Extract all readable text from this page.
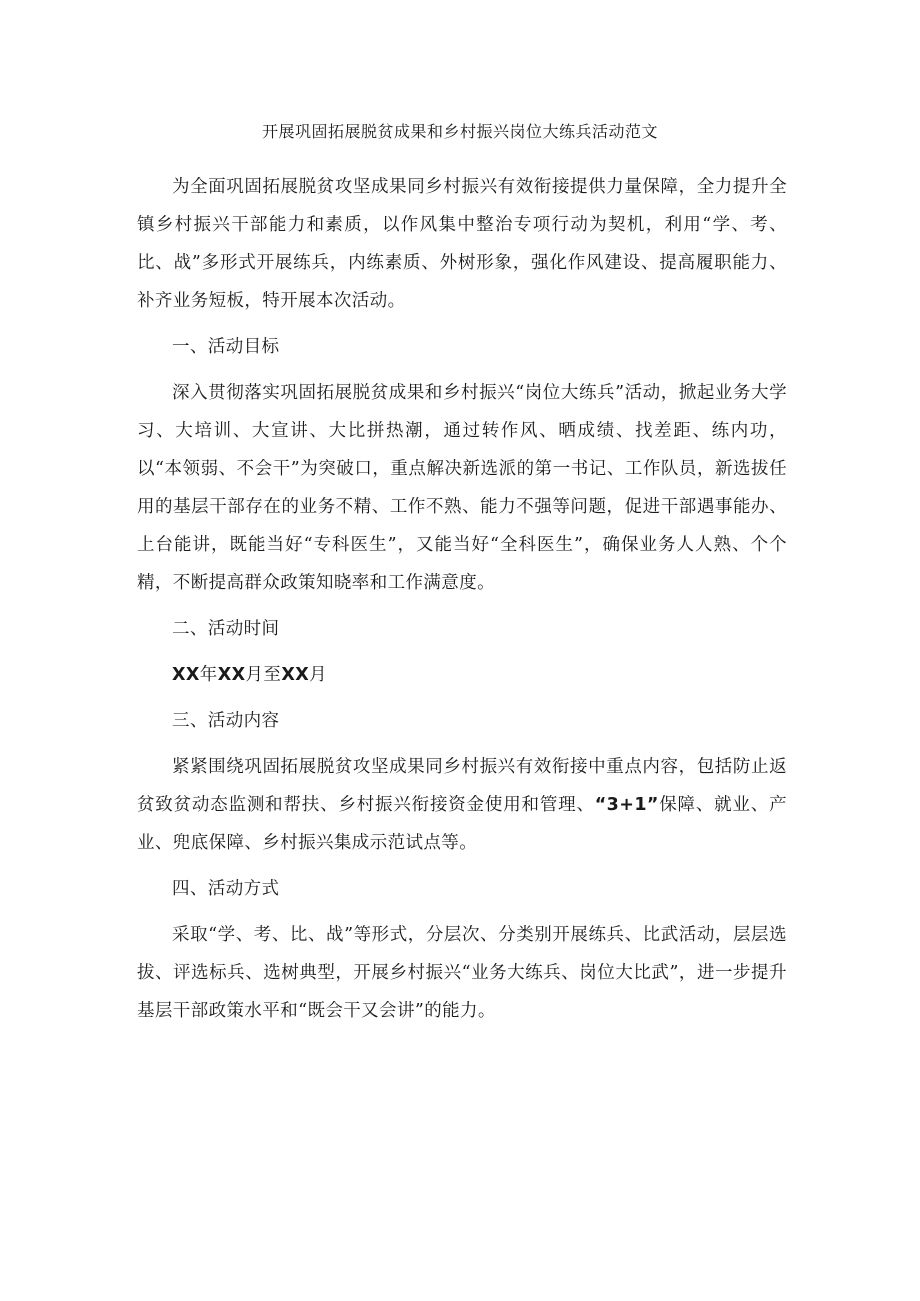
开展巩固拓展脱贫成果和乡村振兴岗位大练兵活动范文

为全面巩固拓展脱贫攻坚成果同乡村振兴有效衔接提供力量保障，全力提升全镇乡村振兴干部能力和素质，以作风集中整治专项行动为契机，利用“学、考、比、战”多形式开展练兵，内练素质、外树形象，强化作风建设、提高履职能力、补齐业务短板，特开展本次活动。

一、活动目标

深入贯彻落实巩固拓展脱贫成果和乡村振兴“岗位大练兵”活动，掀起业务大学习、大培训、大宣讲、大比拼热潮，通过转作风、晒成绩、找差距、练内功，以“本领弱、不会干”为突破口，重点解决新选派的第一书记、工作队员，新选拔任用的基层干部存在的业务不精、工作不熟、能力不强等问题，促进干部遇事能办、上台能讲，既能当好“专科医生”，又能当好“全科医生”，确保业务人人熟、个个精，不断提高群众政策知晓率和工作满意度。

二、活动时间

XX年XX月至XX月

三、活动内容

紧紧围绕巩固拓展脱贫攻坚成果同乡村振兴有效衔接中重点内容，包括防止返贫致贫动态监测和帮扶、乡村振兴衔接资金使用和管理、“3+1”保障、就业、产业、兜底保障、乡村振兴集成示范试点等。

四、活动方式

采取“学、考、比、战”等形式，分层次、分类别开展练兵、比武活动，层层选拔、评选标兵、选树典型，开展乡村振兴“业务大练兵、岗位大比武”，进一步提升基层干部政策水平和“既会干又会讲”的能力。
